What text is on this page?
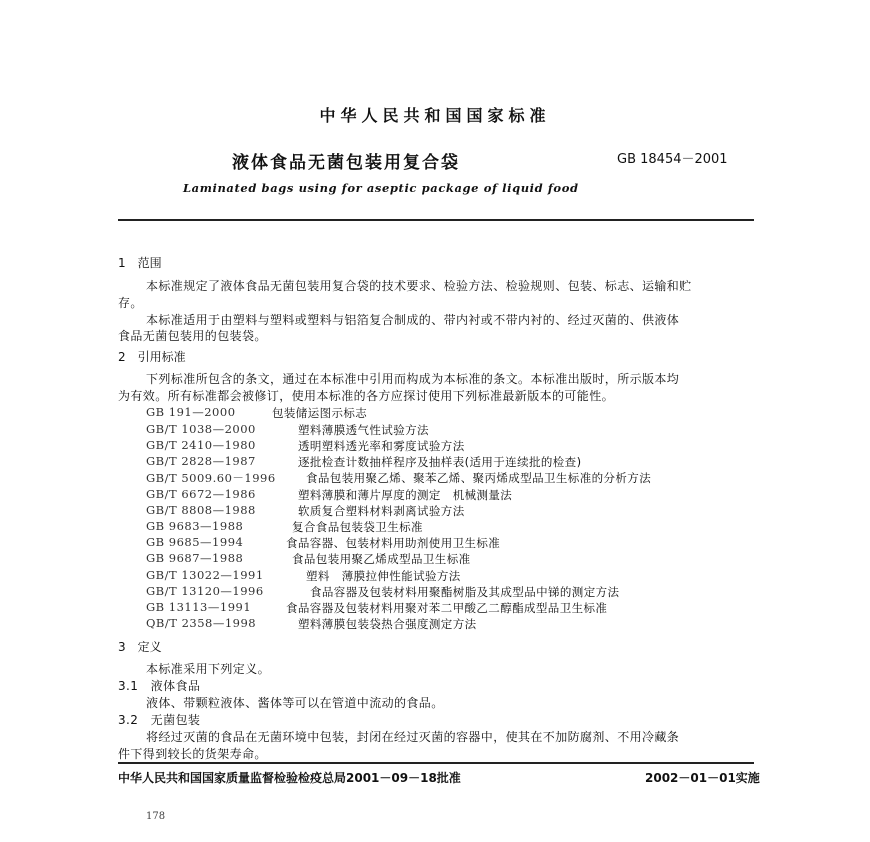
中华人民共和国国家标准
液体食品无菌包装用复合袋	GB 18454－2001
Laminated bags using for aseptic package of liquid food
1　范围
本标准规定了液体食品无菌包装用复合袋的技术要求、检验方法、检验规则、包装、标志、运输和贮
存。
本标准适用于由塑料与塑料或塑料与铝箔复合制成的、带内衬或不带内衬的、经过灭菌的、供液体
食品无菌包装用的包装袋。
2　引用标准
下列标准所包含的条文，通过在本标准中引用而构成为本标准的条文。本标准出版时，所示版本均
为有效。所有标准都会被修订，使用本标准的各方应探讨使用下列标准最新版本的可能性。
GB 191—2000	包装储运图示标志
GB/T 1038—2000	塑料薄膜透气性试验方法
GB/T 2410—1980	透明塑料透光率和雾度试验方法
GB/T 2828—1987	逐批检查计数抽样程序及抽样表(适用于连续批的检查)
GB/T 5009.60－1996	食品包装用聚乙烯、聚苯乙烯、聚丙烯成型品卫生标准的分析方法
GB/T 6672—1986	塑料薄膜和薄片厚度的测定　机械测量法
GB/T 8808—1988	软质复合塑料材料剥离试验方法
GB 9683—1988	复合食品包装袋卫生标准
GB 9685—1994	食品容器、包装材料用助剂使用卫生标准
GB 9687—1988	食品包装用聚乙烯成型品卫生标准
GB/T 13022—1991	塑料　薄膜拉伸性能试验方法
GB/T 13120—1996	食品容器及包装材料用聚酯树脂及其成型品中锑的测定方法
GB 13113—1991	食品容器及包装材料用聚对苯二甲酸乙二醇酯成型品卫生标准
QB/T 2358—1998	塑料薄膜包装袋热合强度测定方法
3　定义
本标准采用下列定义。
3.1　液体食品
液体、带颗粒液体、酱体等可以在管道中流动的食品。
3.2　无菌包装
将经过灭菌的食品在无菌环境中包装，封闭在经过灭菌的容器中，使其在不加防腐剂、不用冷藏条
件下得到较长的货架寿命。
中华人民共和国国家质量监督检验检疫总局2001－09－18批准	2002－01－01实施
178
